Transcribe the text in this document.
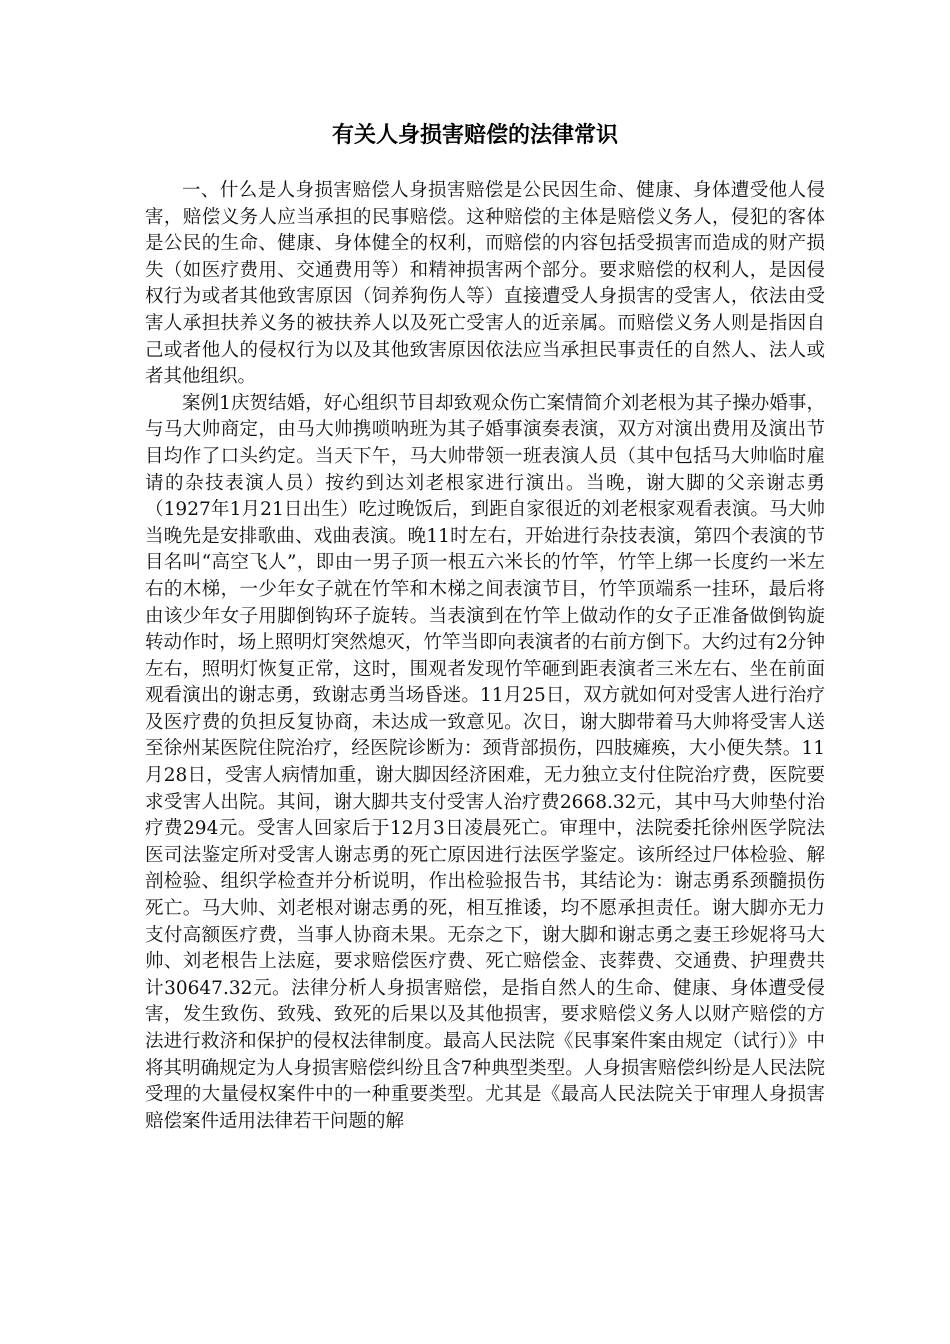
有关人身损害赔偿的法律常识

一、什么是人身损害赔偿人身损害赔偿是公民因生命、健康、身体遭受他人侵害，赔偿义务人应当承担的民事赔偿。这种赔偿的主体是赔偿义务人，侵犯的客体是公民的生命、健康、身体健全的权利，而赔偿的内容包括受损害而造成的财产损失（如医疗费用、交通费用等）和精神损害两个部分。要求赔偿的权利人，是因侵权行为或者其他致害原因（饲养狗伤人等）直接遭受人身损害的受害人，依法由受害人承担扶养义务的被扶养人以及死亡受害人的近亲属。而赔偿义务人则是指因自己或者他人的侵权行为以及其他致害原因依法应当承担民事责任的自然人、法人或者其他组织。

案例1庆贺结婚，好心组织节目却致观众伤亡案情简介刘老根为其子操办婚事，与马大帅商定，由马大帅携唢呐班为其子婚事演奏表演，双方对演出费用及演出节目均作了口头约定。当天下午，马大帅带领一班表演人员（其中包括马大帅临时雇请的杂技表演人员）按约到达刘老根家进行演出。当晚，谢大脚的父亲谢志勇（1927年1月21日出生）吃过晚饭后，到距自家很近的刘老根家观看表演。马大帅当晚先是安排歌曲、戏曲表演。晚11时左右，开始进行杂技表演，第四个表演的节目名叫“高空飞人”，即由一男子顶一根五六米长的竹竿，竹竿上绑一长度约一米左右的木梯，一少年女子就在竹竿和木梯之间表演节目，竹竿顶端系一挂环，最后将由该少年女子用脚倒钩环子旋转。当表演到在竹竿上做动作的女子正准备做倒钩旋转动作时，场上照明灯突然熄灭，竹竿当即向表演者的右前方倒下。大约过有2分钟左右，照明灯恢复正常，这时，围观者发现竹竿砸到距表演者三米左右、坐在前面观看演出的谢志勇，致谢志勇当场昏迷。11月25日，双方就如何对受害人进行治疗及医疗费的负担反复协商，未达成一致意见。次日，谢大脚带着马大帅将受害人送至徐州某医院住院治疗，经医院诊断为：颈背部损伤，四肢瘫痪，大小便失禁。11月28日，受害人病情加重，谢大脚因经济困难，无力独立支付住院治疗费，医院要求受害人出院。其间，谢大脚共支付受害人治疗费2668.32元，其中马大帅垫付治疗费294元。受害人回家后于12月3日凌晨死亡。审理中，法院委托徐州医学院法医司法鉴定所对受害人谢志勇的死亡原因进行法医学鉴定。该所经过尸体检验、解剖检验、组织学检查并分析说明，作出检验报告书，其结论为：谢志勇系颈髓损伤死亡。马大帅、刘老根对谢志勇的死，相互推诿，均不愿承担责任。谢大脚亦无力支付高额医疗费，当事人协商未果。无奈之下，谢大脚和谢志勇之妻王珍妮将马大帅、刘老根告上法庭，要求赔偿医疗费、死亡赔偿金、丧葬费、交通费、护理费共计30647.32元。法律分析人身损害赔偿，是指自然人的生命、健康、身体遭受侵害，发生致伤、致残、致死的后果以及其他损害，要求赔偿义务人以财产赔偿的方法进行救济和保护的侵权法律制度。最高人民法院《民事案件案由规定（试行）》中将其明确规定为人身损害赔偿纠纷且含7种典型类型。人身损害赔偿纠纷是人民法院受理的大量侵权案件中的一种重要类型。尤其是《最高人民法院关于审理人身损害赔偿案件适用法律若干问题的解
